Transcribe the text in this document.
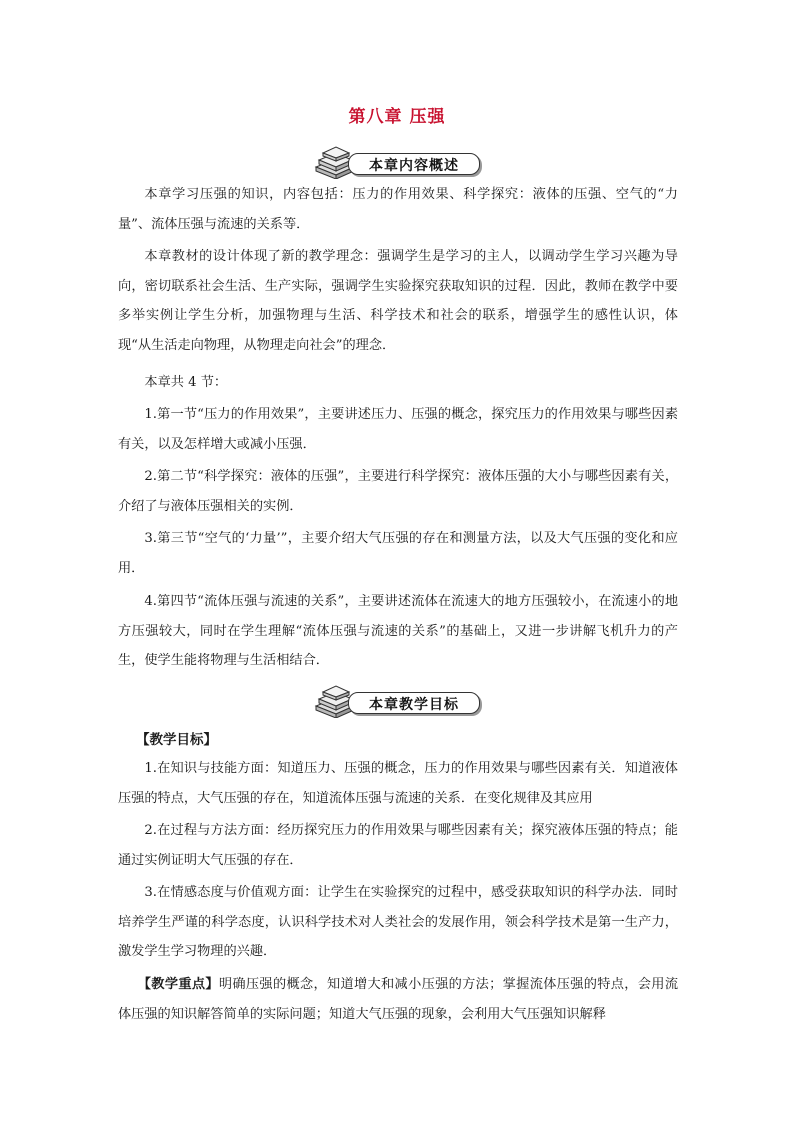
第八章 压强
本章内容概述

本章学习压强的知识，内容包括：压力的作用效果、科学探究：液体的压强、空气的“力量”、流体压强与流速的关系等．

本章教材的设计体现了新的教学理念：强调学生是学习的主人，以调动学生学习兴趣为导向，密切联系社会生活、生产实际，强调学生实验探究获取知识的过程．因此，教师在教学中要多举实例让学生分析，加强物理与生活、科学技术和社会的联系，增强学生的感性认识，体现“从生活走向物理，从物理走向社会”的理念．

本章共 4 节：

1.第一节“压力的作用效果”，主要讲述压力、压强的概念，探究压力的作用效果与哪些因素有关，以及怎样增大或减小压强．

2.第二节“科学探究：液体的压强”，主要进行科学探究：液体压强的大小与哪些因素有关，介绍了与液体压强相关的实例．

3.第三节“空气的‘力量’”，主要介绍大气压强的存在和测量方法，以及大气压强的变化和应用．

4.第四节“流体压强与流速的关系”，主要讲述流体在流速大的地方压强较小，在流速小的地方压强较大，同时在学生理解“流体压强与流速的关系”的基础上，又进一步讲解飞机升力的产生，使学生能将物理与生活相结合．

本章教学目标
【教学目标】

1.在知识与技能方面：知道压力、压强的概念，压力的作用效果与哪些因素有关．知道液体压强的特点，大气压强的存在，知道流体压强与流速的关系．在变化规律及其应用

2.在过程与方法方面：经历探究压力的作用效果与哪些因素有关；探究液体压强的特点；能通过实例证明大气压强的存在．

3.在情感态度与价值观方面：让学生在实验探究的过程中，感受获取知识的科学办法．同时培养学生严谨的科学态度，认识科学技术对人类社会的发展作用，领会科学技术是第一生产力，激发学生学习物理的兴趣．

【教学重点】明确压强的概念，知道增大和减小压强的方法；掌握流体压强的特点，会用流体压强的知识解答简单的实际问题；知道大气压强的现象，会利用大气压强知识解释
